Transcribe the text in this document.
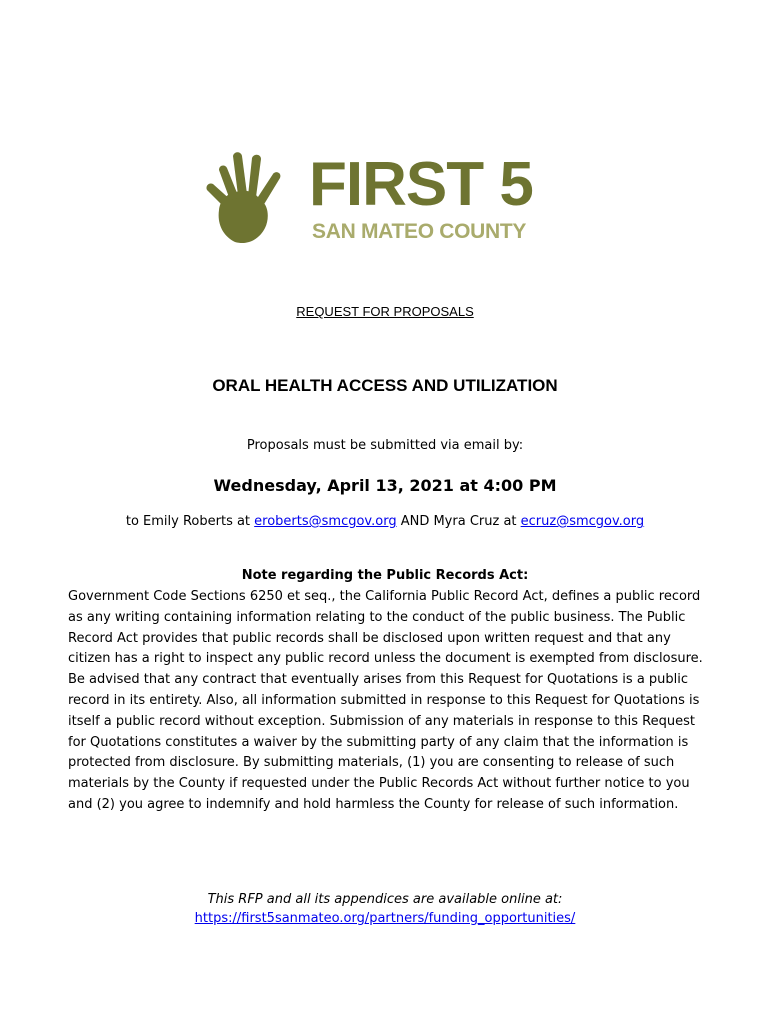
FIRST 5
SAN MATEO COUNTY
REQUEST FOR PROPOSALS
ORAL HEALTH ACCESS AND UTILIZATION
Proposals must be submitted via email by:
Wednesday, April 13, 2021 at 4:00 PM
to Emily Roberts at eroberts@smcgov.org AND Myra Cruz at ecruz@smcgov.org
Note regarding the Public Records Act:

Government Code Sections 6250 et seq., the California Public Record Act, defines a public record as any writing containing information relating to the conduct of the public business. The Public Record Act provides that public records shall be disclosed upon written request and that any citizen has a right to inspect any public record unless the document is exempted from disclosure.

Be advised that any contract that eventually arises from this Request for Quotations is a public record in its entirety. Also, all information submitted in response to this Request for Quotations is itself a public record without exception. Submission of any materials in response to this Request for Quotations constitutes a waiver by the submitting party of any claim that the information is protected from disclosure. By submitting materials, (1) you are consenting to release of such materials by the County if requested under the Public Records Act without further notice to you and (2) you agree to indemnify and hold harmless the County for release of such information.

This RFP and all its appendices are available online at:
https://first5sanmateo.org/partners/funding_opportunities/
